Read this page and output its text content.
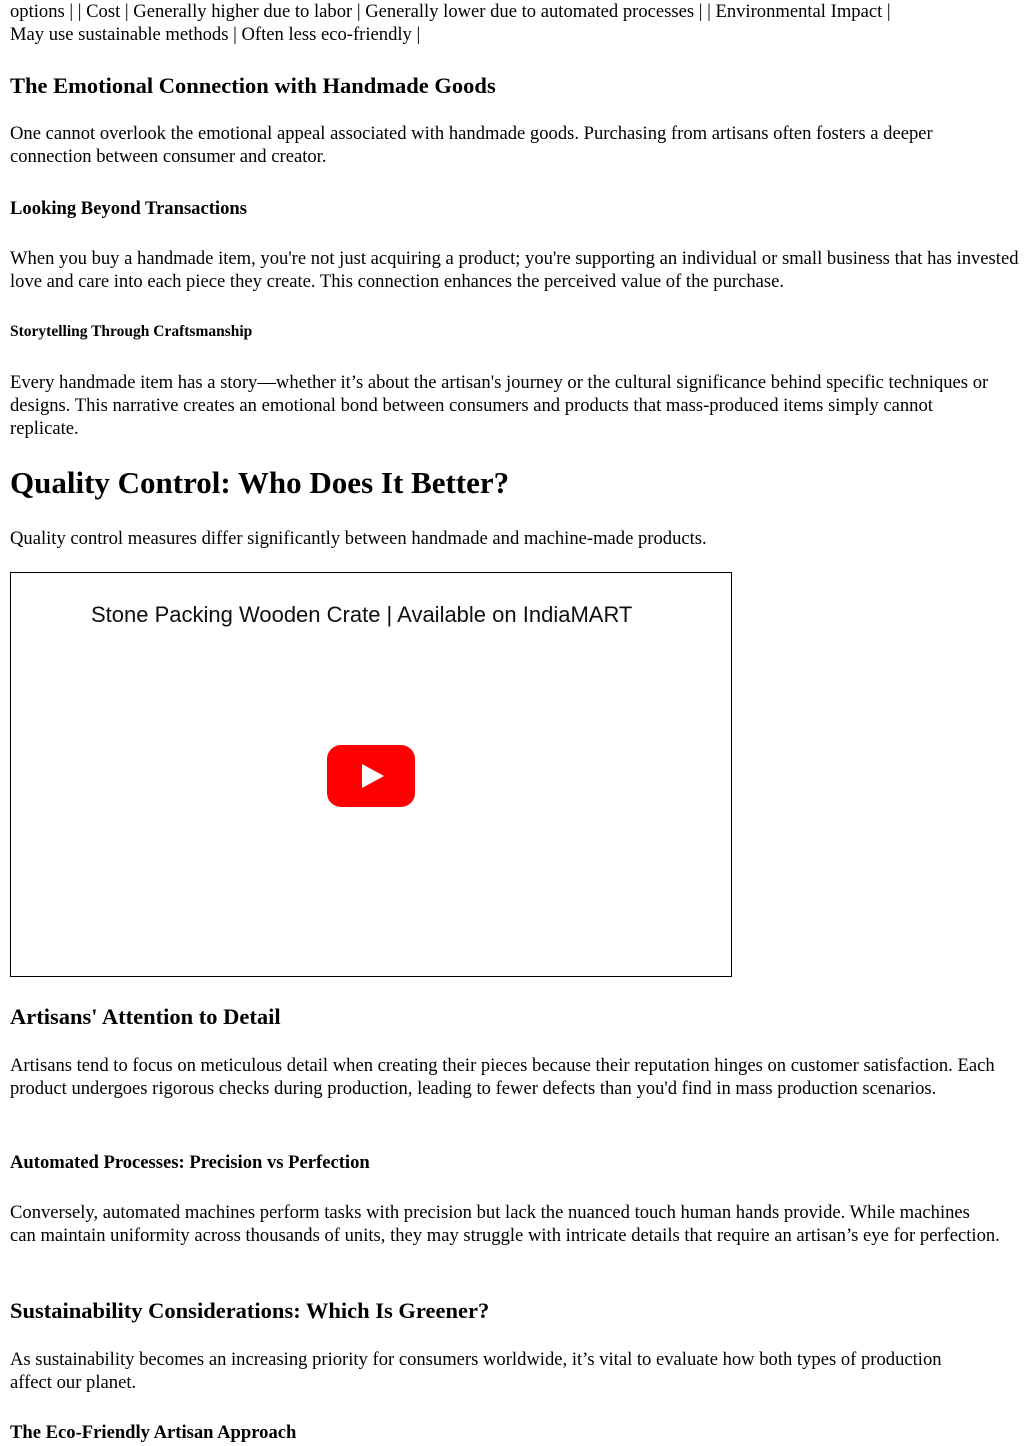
options | | Cost | Generally higher due to labor | Generally lower due to automated processes | | Environmental Impact |
May use sustainable methods | Often less eco-friendly |

The Emotional Connection with Handmade Goods

One cannot overlook the emotional appeal associated with handmade goods. Purchasing from artisans often fosters a deeper connection between consumer and creator.

Looking Beyond Transactions

When you buy a handmade item, you're not just acquiring a product; you're supporting an individual or small business that has invested love and care into each piece they create. This connection enhances the perceived value of the purchase.

Storytelling Through Craftsmanship

Every handmade item has a story—whether it’s about the artisan's journey or the cultural significance behind specific techniques or designs. This narrative creates an emotional bond between consumers and products that mass-produced items simply cannot replicate.

Quality Control: Who Does It Better?

Quality control measures differ significantly between handmade and machine-made products.

Stone Packing Wooden Crate | Available on IndiaMART
Artisans' Attention to Detail

Artisans tend to focus on meticulous detail when creating their pieces because their reputation hinges on customer satisfaction. Each product undergoes rigorous checks during production, leading to fewer defects than you'd find in mass production scenarios.

Automated Processes: Precision vs Perfection

Conversely, automated machines perform tasks with precision but lack the nuanced touch human hands provide. While machines can maintain uniformity across thousands of units, they may struggle with intricate details that require an artisan’s eye for perfection.

Sustainability Considerations: Which Is Greener?

As sustainability becomes an increasing priority for consumers worldwide, it’s vital to evaluate how both types of production affect our planet.

The Eco-Friendly Artisan Approach
